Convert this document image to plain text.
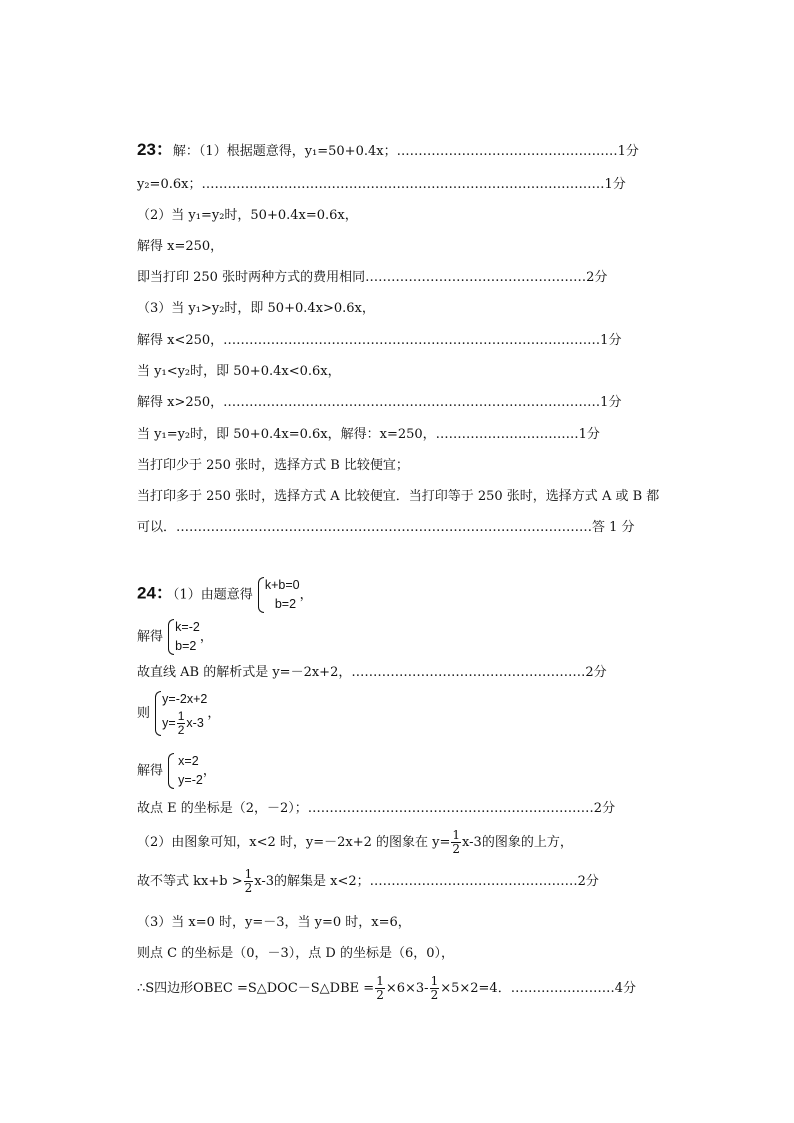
23：解：（1）根据题意得，y₁=50+0.4x；……………………………………………1分
y₂=0.6x；…………………………………………………………………………………1分
（2）当 y₁=y₂时，50+0.4x=0.6x，
解得 x=250，
即当打印 250 张时两种方式的费用相同……………………………………………2分
（3）当 y₁>y₂时，即 50+0.4x>0.6x，
解得 x<250，……………………………………………………………………………1分
当 y₁<y₂时，即 50+0.4x<0.6x，
解得 x>250，……………………………………………………………………………1分
当 y₁=y₂时，即 50+0.4x=0.6x，解得：x=250，……………………………1分
当打印少于 250 张时，选择方式 B 比较便宜；
当打印多于 250 张时，选择方式 A 比较便宜．当打印等于 250 张时，选择方式 A 或 B 都
可以．……………………………………………………………………………………答 1 分
24：（1）由题意得
k+b=0
b=2
，
解得
k=-2
b=2
，
故直线 AB 的解析式是 y=－2x+2，………………………………………………2分
则
y=-2x+2
$y= \frac{1}{2} x-3$
，
解得
x=2
y=-2
，
故点 E 的坐标是（2，－2）；…………………………………………………………2分
（2）由图象可知，x<2 时，y=－2x+2 的图象在 $y= \frac{1}{2} x-3$的图象的上方，
故不等式 $kx+b > \frac{1}{2} x-3$的解集是 x<2；…………………………………………2分
（3）当 x=0 时，y=－3，当 y=0 时，x=6，
则点 C 的坐标是（0，－3），点 D 的坐标是（6，0），
∴S四边形OBEC =S△DOC－S△DBE = $\frac{1}{2} \times 6\times 3- \frac{1}{2} \times 5\times 2=4$．……………………4分
